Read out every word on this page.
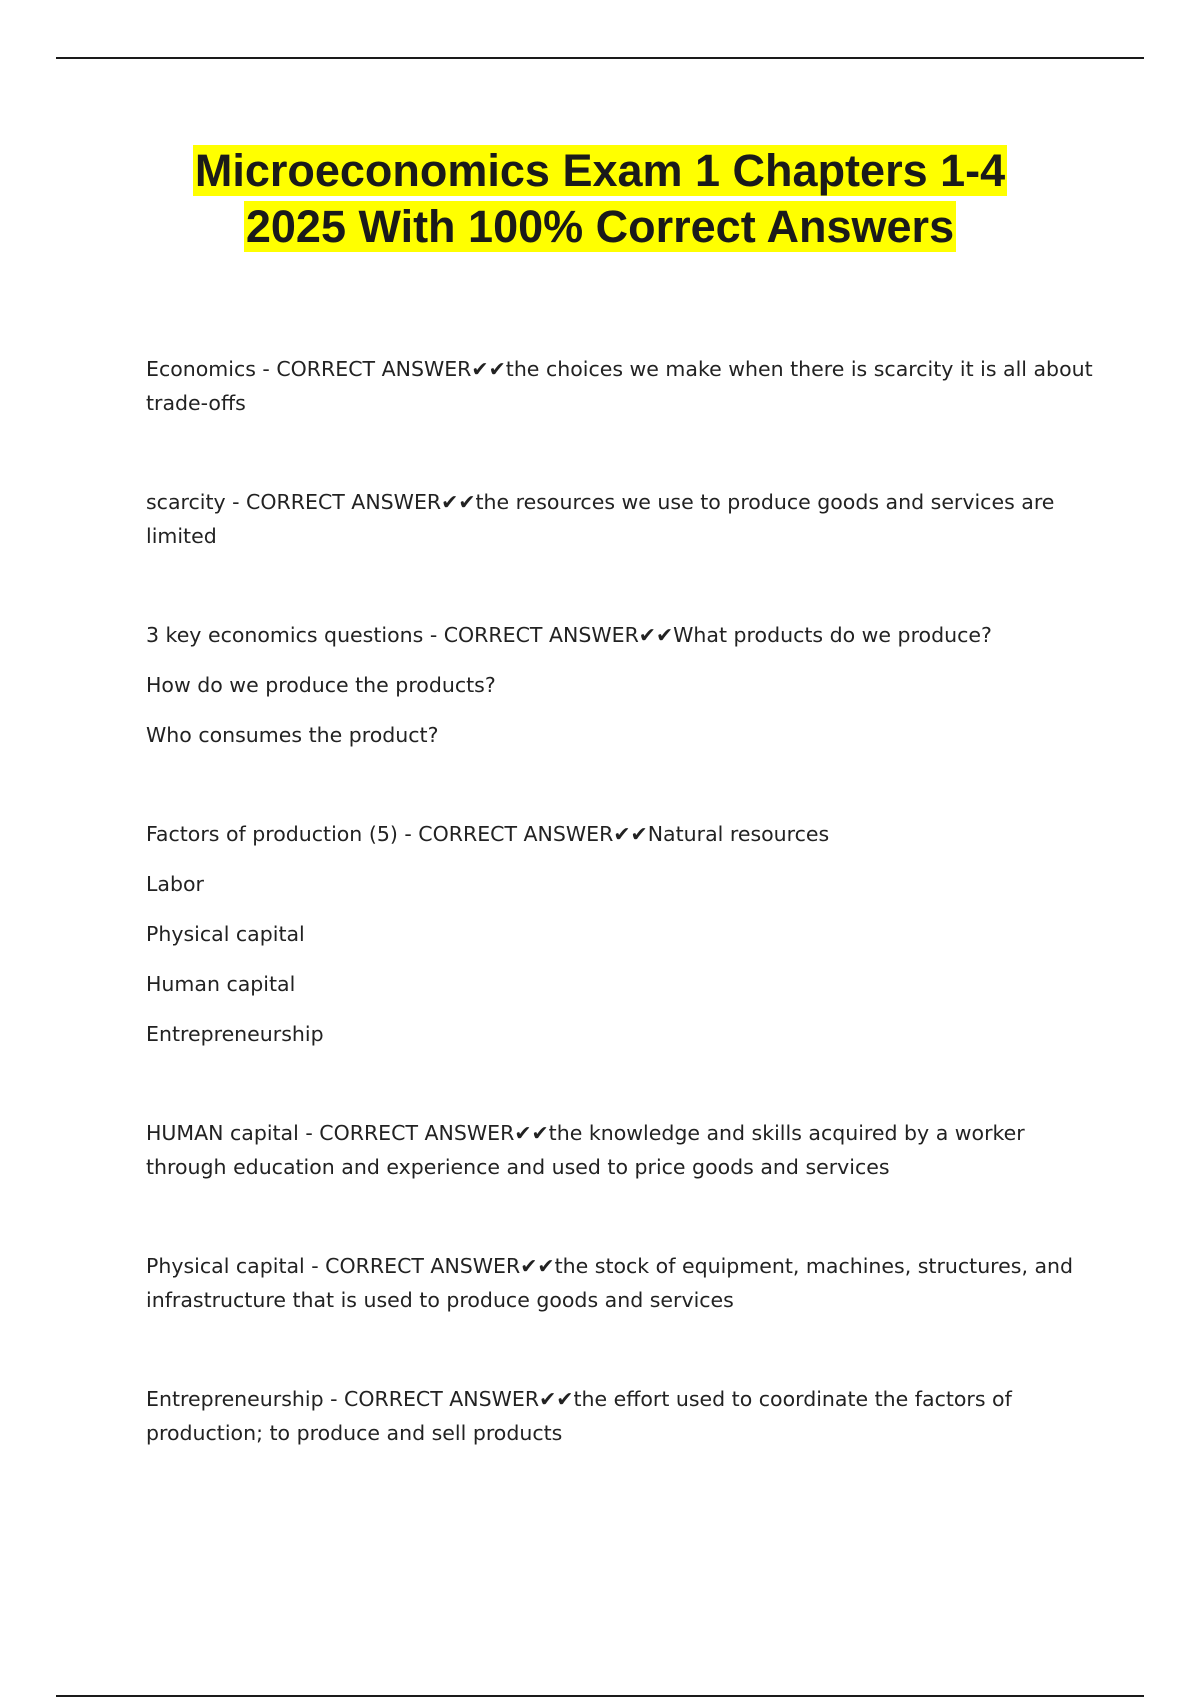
Microeconomics Exam 1 Chapters 1-4
2025 With 100% Correct Answers

Economics - CORRECT ANSWER✔✔the choices we make when there is scarcity it is all about trade-offs

scarcity - CORRECT ANSWER✔✔the resources we use to produce goods and services are limited

3 key economics questions - CORRECT ANSWER✔✔What products do we produce?

How do we produce the products?

Who consumes the product?

Factors of production (5) - CORRECT ANSWER✔✔Natural resources

Labor

Physical capital

Human capital

Entrepreneurship

HUMAN capital - CORRECT ANSWER✔✔the knowledge and skills acquired by a worker through education and experience and used to price goods and services

Physical capital - CORRECT ANSWER✔✔the stock of equipment, machines, structures, and infrastructure that is used to produce goods and services

Entrepreneurship - CORRECT ANSWER✔✔the effort used to coordinate the factors of production; to produce and sell products
